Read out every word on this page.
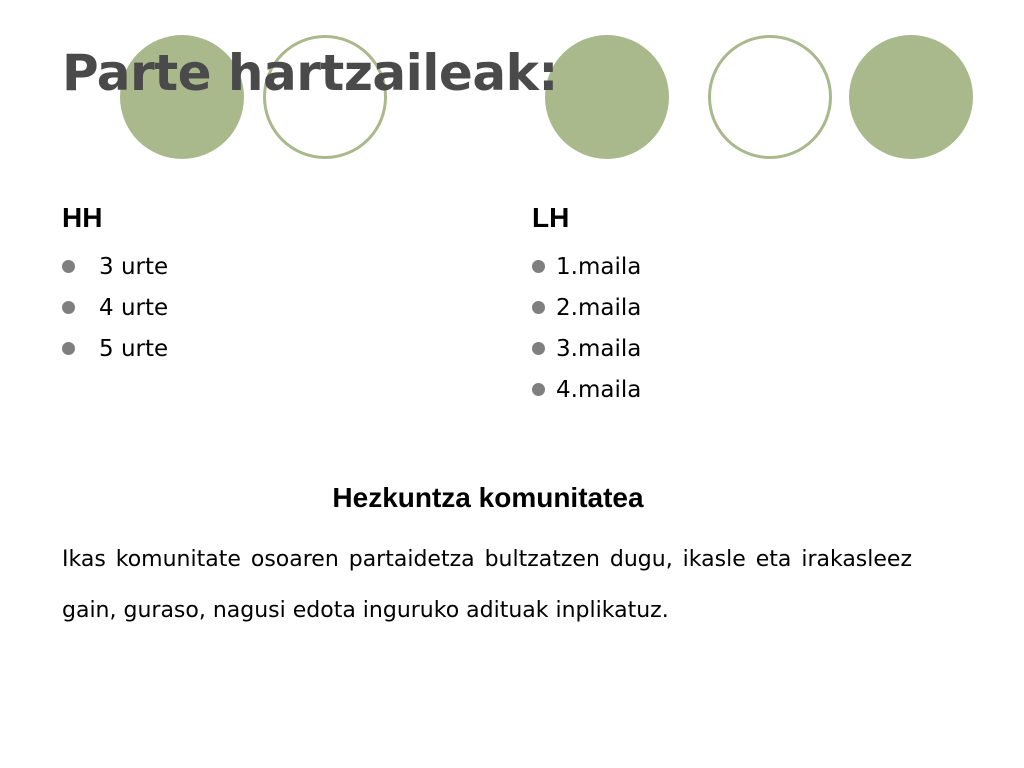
Parte hartzaileak:
HH
3 urte
4 urte
5 urte
LH
1.maila
2.maila
3.maila
4.maila
Hezkuntza komunitatea

Ikas komunitate osoaren partaidetza bultzatzen dugu, ikasle eta irakasleez gain, guraso, nagusi edota inguruko adituak inplikatuz.
